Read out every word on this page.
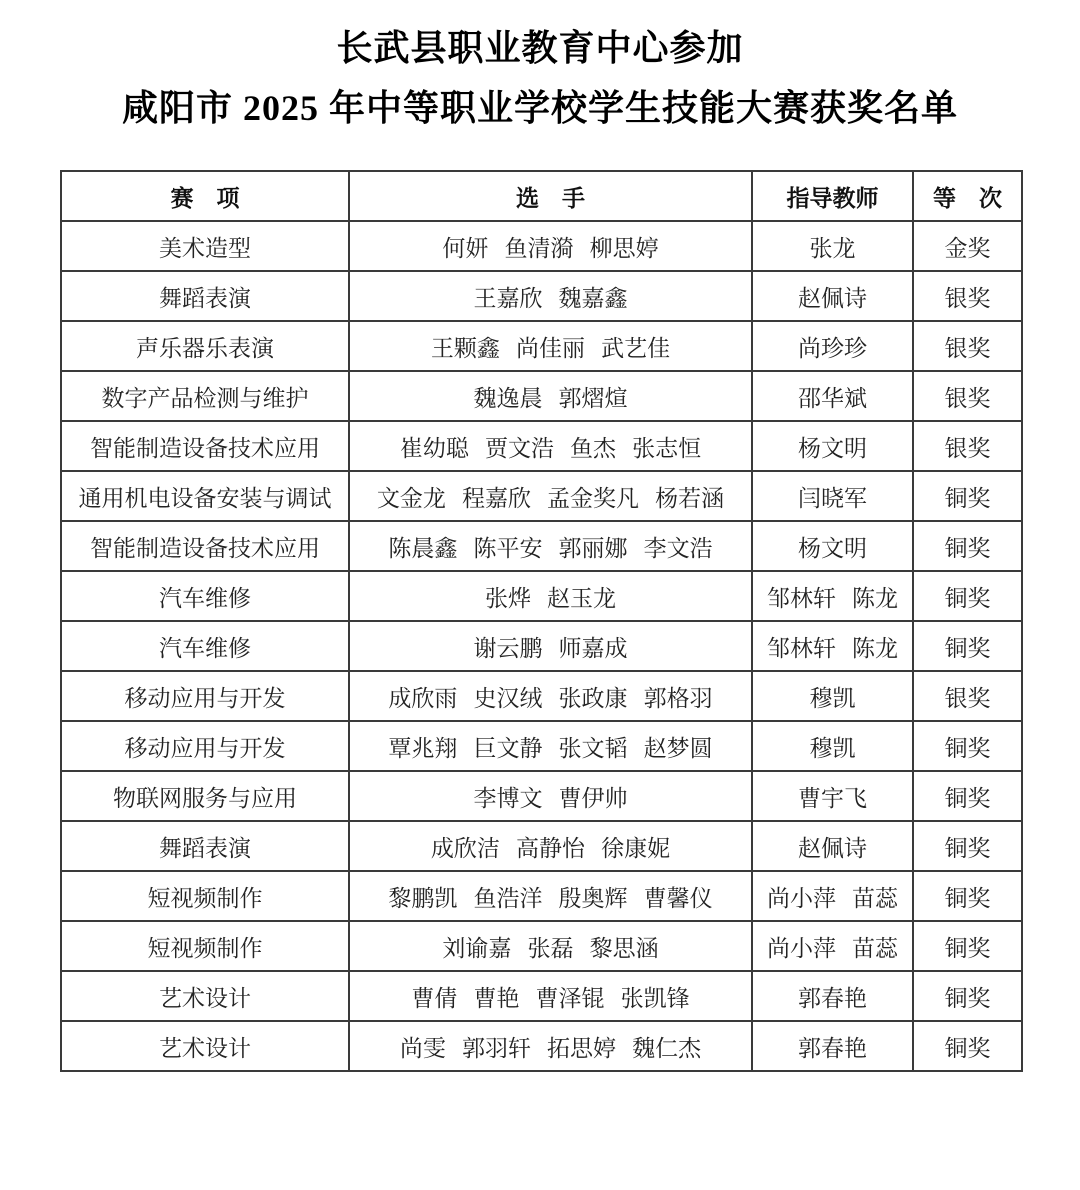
长武县职业教育中心参加
咸阳市 2025 年中等职业学校学生技能大赛获奖名单
赛　项	选　手	指导教师	等　次
美术造型	何妍 鱼清漪 柳思婷	张龙	金奖
舞蹈表演	王嘉欣 魏嘉鑫	赵佩诗	银奖
声乐器乐表演	王颗鑫 尚佳丽 武艺佳	尚珍珍	银奖
数字产品检测与维护	魏逸晨 郭熠煊	邵华斌	银奖
智能制造设备技术应用	崔幼聪 贾文浩 鱼杰 张志恒	杨文明	银奖
通用机电设备安装与调试	文金龙 程嘉欣 孟金奖凡 杨若涵	闫晓军	铜奖
智能制造设备技术应用	陈晨鑫 陈平安 郭丽娜 李文浩	杨文明	铜奖
汽车维修	张烨 赵玉龙	邹林轩 陈龙	铜奖
汽车维修	谢云鹏 师嘉成	邹林轩 陈龙	铜奖
移动应用与开发	成欣雨 史汉绒 张政康 郭格羽	穆凯	银奖
移动应用与开发	覃兆翔 巨文静 张文韬 赵梦圆	穆凯	铜奖
物联网服务与应用	李博文 曹伊帅	曹宇飞	铜奖
舞蹈表演	成欣洁 高静怡 徐康妮	赵佩诗	铜奖
短视频制作	黎鹏凯 鱼浩洋 殷奥辉 曹馨仪	尚小萍 苗蕊	铜奖
短视频制作	刘谕嘉 张磊 黎思涵	尚小萍 苗蕊	铜奖
艺术设计	曹倩 曹艳 曹泽锟 张凯锋	郭春艳	铜奖
艺术设计	尚雯 郭羽轩 拓思婷 魏仁杰	郭春艳	铜奖
